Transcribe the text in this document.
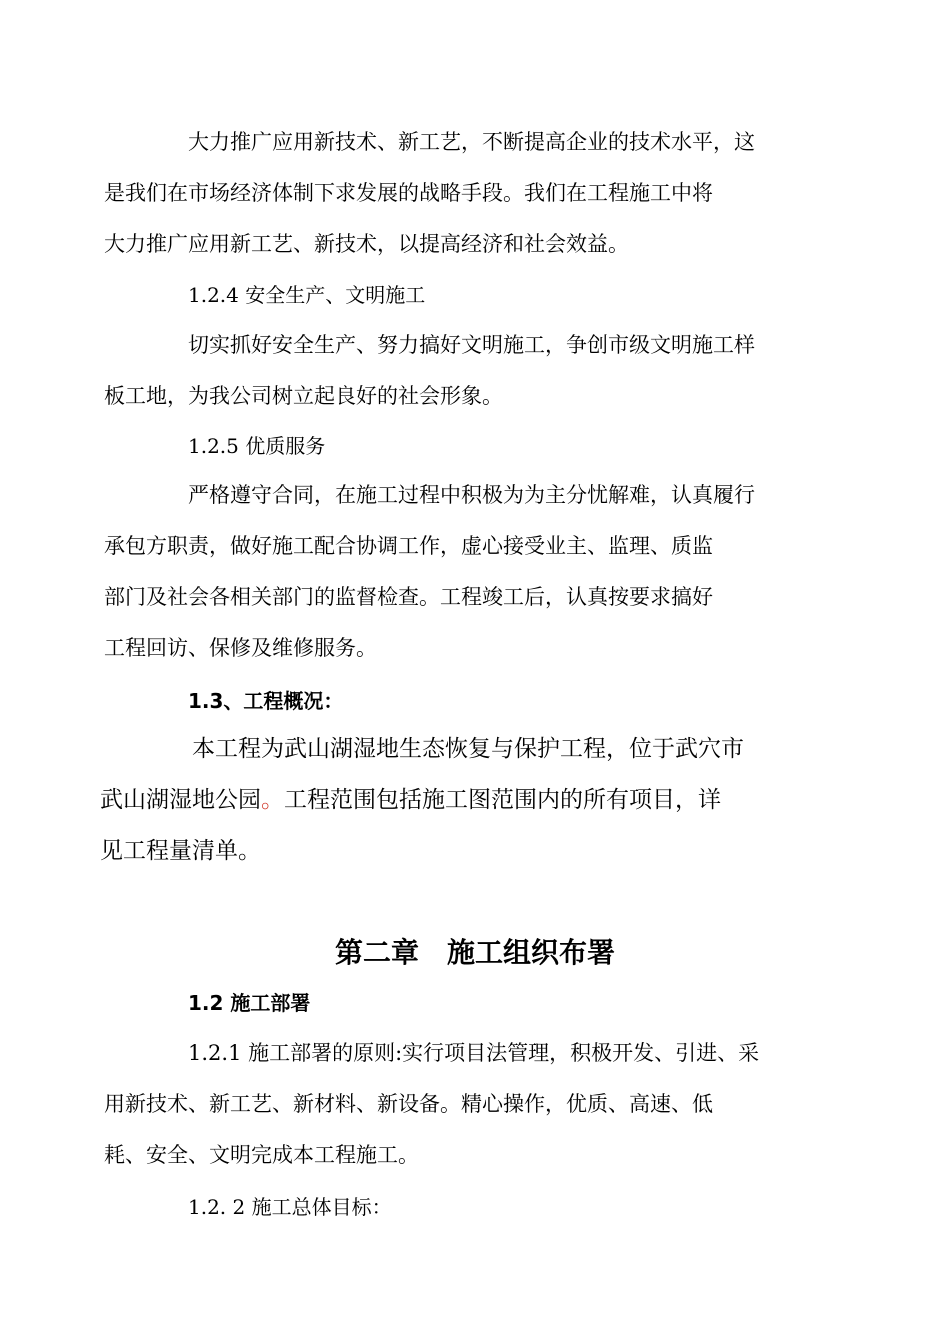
大力推广应用新技术、新工艺，不断提高企业的技术水平，这
是我们在市场经济体制下求发展的战略手段。我们在工程施工中将
大力推广应用新工艺、新技术，以提高经济和社会效益。

1.2.4 安全生产、文明施工

切实抓好安全生产、努力搞好文明施工，争创市级文明施工样
板工地，为我公司树立起良好的社会形象。

1.2.5 优质服务

严格遵守合同，在施工过程中积极为为主分忧解难，认真履行
承包方职责，做好施工配合协调工作，虚心接受业主、监理、质监
部门及社会各相关部门的监督检查。工程竣工后，认真按要求搞好
工程回访、保修及维修服务。

1.3、工程概况：

本工程为武山湖湿地生态恢复与保护工程，位于武穴市
武山湖湿地公园。工程范围包括施工图范围内的所有项目，详
见工程量清单。
第二章　施工组织布署

1.2 施工部署

1.2.1 施工部署的原则:实行项目法管理，积极开发、引进、采
用新技术、新工艺、新材料、新设备。精心操作，优质、高速、低
耗、安全、文明完成本工程施工。

1.2. 2 施工总体目标：
